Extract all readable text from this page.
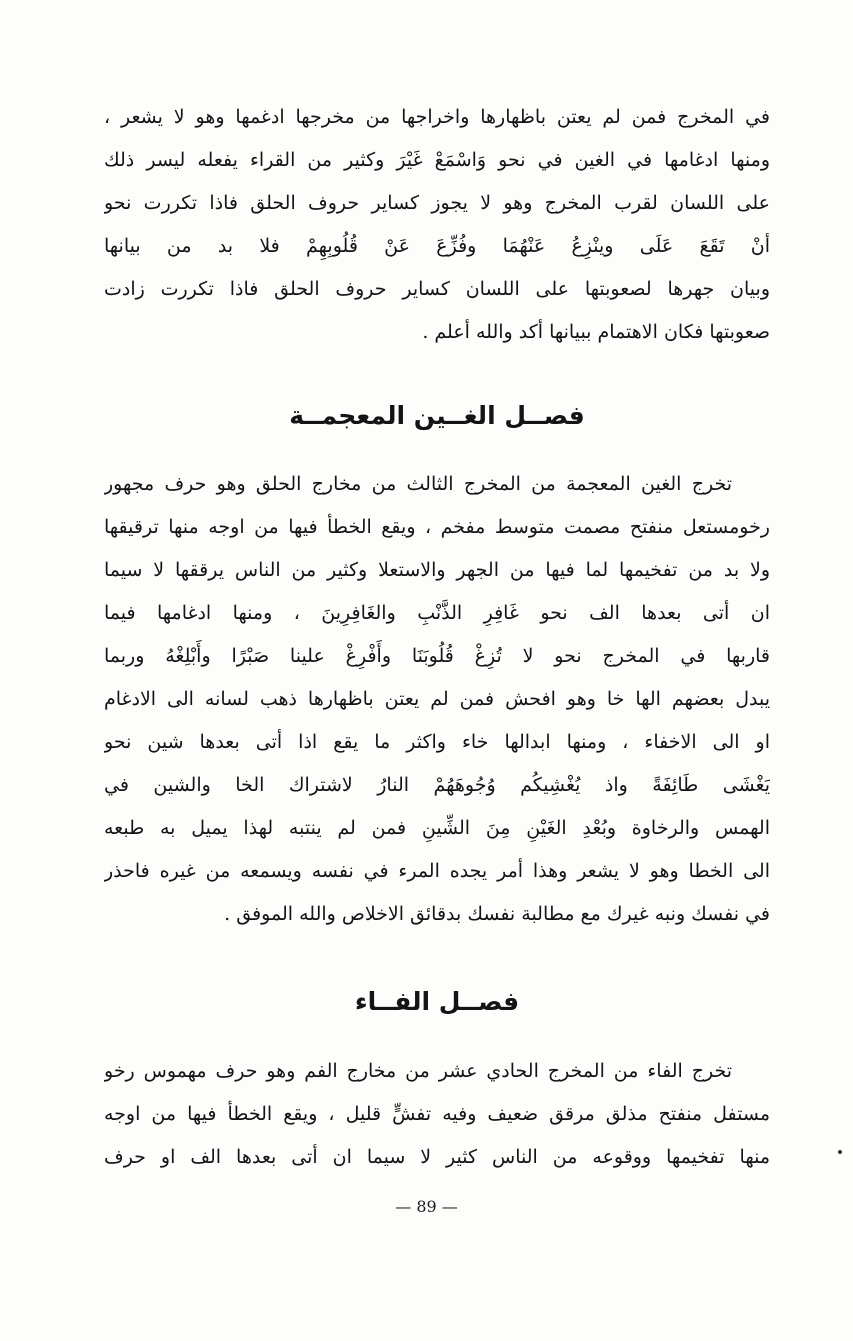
في المخرج فمن لم يعتن باظهارها واخراجها من مخرجها ادغمها وهو لا يشعر ،
ومنها ادغامها في الغين في نحو وَاسْمَعْ غَيْرَ وكثير من القراء يفعله ليسر ذلك
على اللسان لقرب المخرج وهو لا يجوز كساير حروف الحلق فاذا تكررت نحو
أنْ تَقَعَ عَلَى وينْزِعُ عَنْهُمَا وفُزِّعَ عَنْ قُلُوبِهِمْ فلا بد من بيانها
وبيان جهرها لصعوبتها على اللسان كساير حروف الحلق فاذا تكررت زادت
صعوبتها فكان الاهتمام ببيانها أكد والله أعلم .
فصــل الغــين المعجمــة
تخرج الغين المعجمة من المخرج الثالث من مخارج الحلق وهو حرف مجهور
رخومستعل منفتح مصمت متوسط مفخم ، ويقع الخطأ فيها من اوجه منها ترقيقها
ولا بد من تفخيمها لما فيها من الجهر والاستعلا وكثير من الناس يرققها لا سيما
ان أتى بعدها الف نحو غَافِرِ الذَّنْبِ والغَافِرِينَ ، ومنها ادغامها فيما
قاربها في المخرج نحو لا تُزِغْ قُلُوبَنَا وأَفْرِغْ علينا صَبْرًا وأَبْلِغْهُ وربما
يبدل بعضهم الها خا وهو افحش فمن لم يعتن باظهارها ذهب لسانه الى الادغام
او الى الاخفاء ، ومنها ابدالها خاء واكثر ما يقع اذا أتى بعدها شين نحو
يَغْشَى طَائِفَةً واذ يُغْشِيكُم وُجُوهَهُمْ النارُ لاشتراك الخا والشين في
الهمس والرخاوة وبُعْدِ الغَيْنِ مِنَ الشِّينِ فمن لم ينتبه لهذا يميل به طبعه
الى الخطا وهو لا يشعر وهذا أمر يجده المرء في نفسه ويسمعه من غيره فاحذر
في نفسك ونبه غيرك مع مطالبة نفسك بدقائق الاخلاص والله الموفق .
فصــل الفــاء
تخرج الفاء من المخرج الحادي عشر من مخارج الفم وهو حرف مهموس رخو
مستفل منفتح مذلق مرقق ضعيف وفيه تفشٍّ قليل ، ويقع الخطأ فيها من اوجه
منها تفخيمها ووقوعه من الناس كثير لا سيما ان أتى بعدها الف او حرف
— 89 —
